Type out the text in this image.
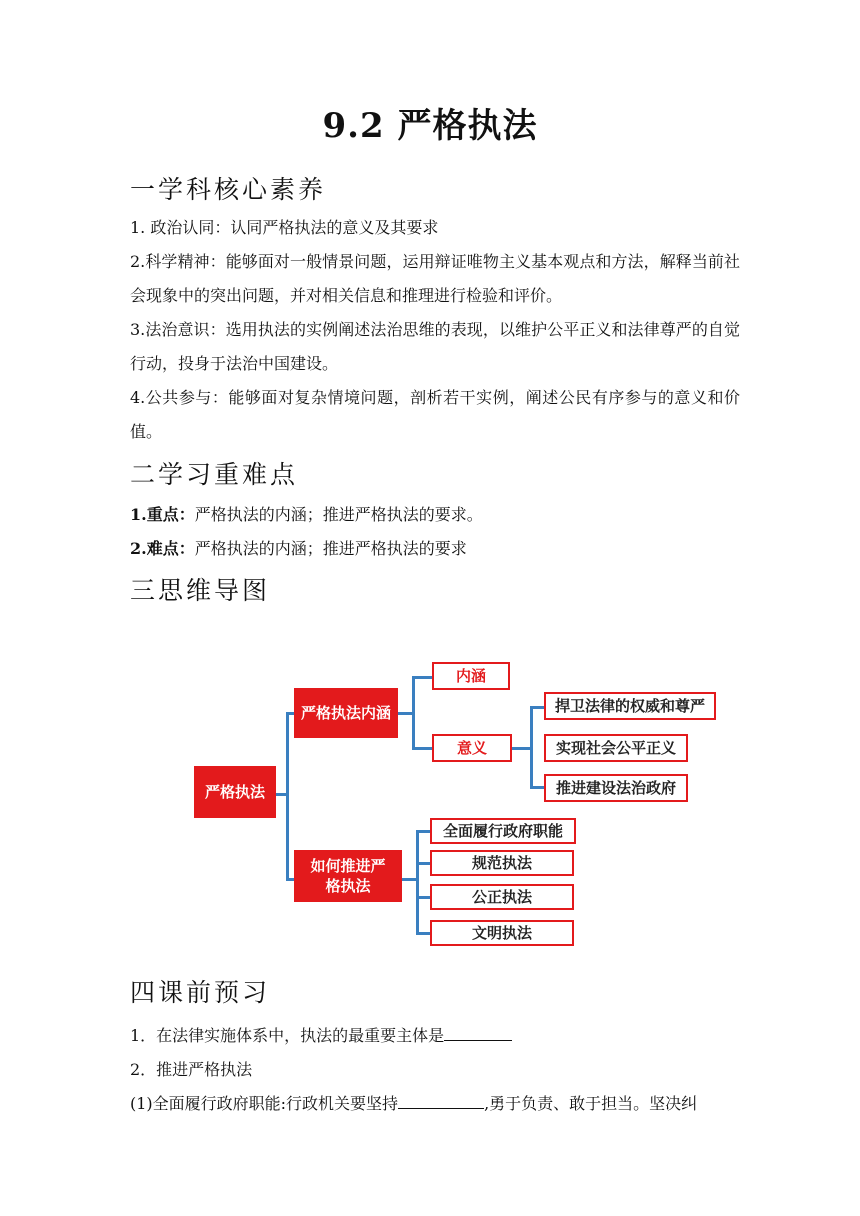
9.2 严格执法
一学科核心素养
1. 政治认同：认同严格执法的意义及其要求
2.科学精神：能够面对一般情景问题，运用辩证唯物主义基本观点和方法，解释当前社会现象中的突出问题，并对相关信息和推理进行检验和评价。
3.法治意识：选用执法的实例阐述法治思维的表现，以维护公平正义和法律尊严的自觉行动，投身于法治中国建设。
4.公共参与：能够面对复杂情境问题，剖析若干实例，阐述公民有序参与的意义和价值。
二学习重难点
1.重点：严格执法的内涵；推进严格执法的要求。
2.难点：严格执法的内涵；推进严格执法的要求
三思维导图
严格执法
严格执法内涵
内涵
意义
捍卫法律的权威和尊严
实现社会公平正义
推进建设法治政府
如何推进严格执法
全面履行政府职能
规范执法
公正执法
文明执法
四课前预习
1．在法律实施体系中，执法的最重要主体是
2．推进严格执法
(1)全面履行政府职能:行政机关要坚持	,勇于负责、敢于担当。坚决纠
